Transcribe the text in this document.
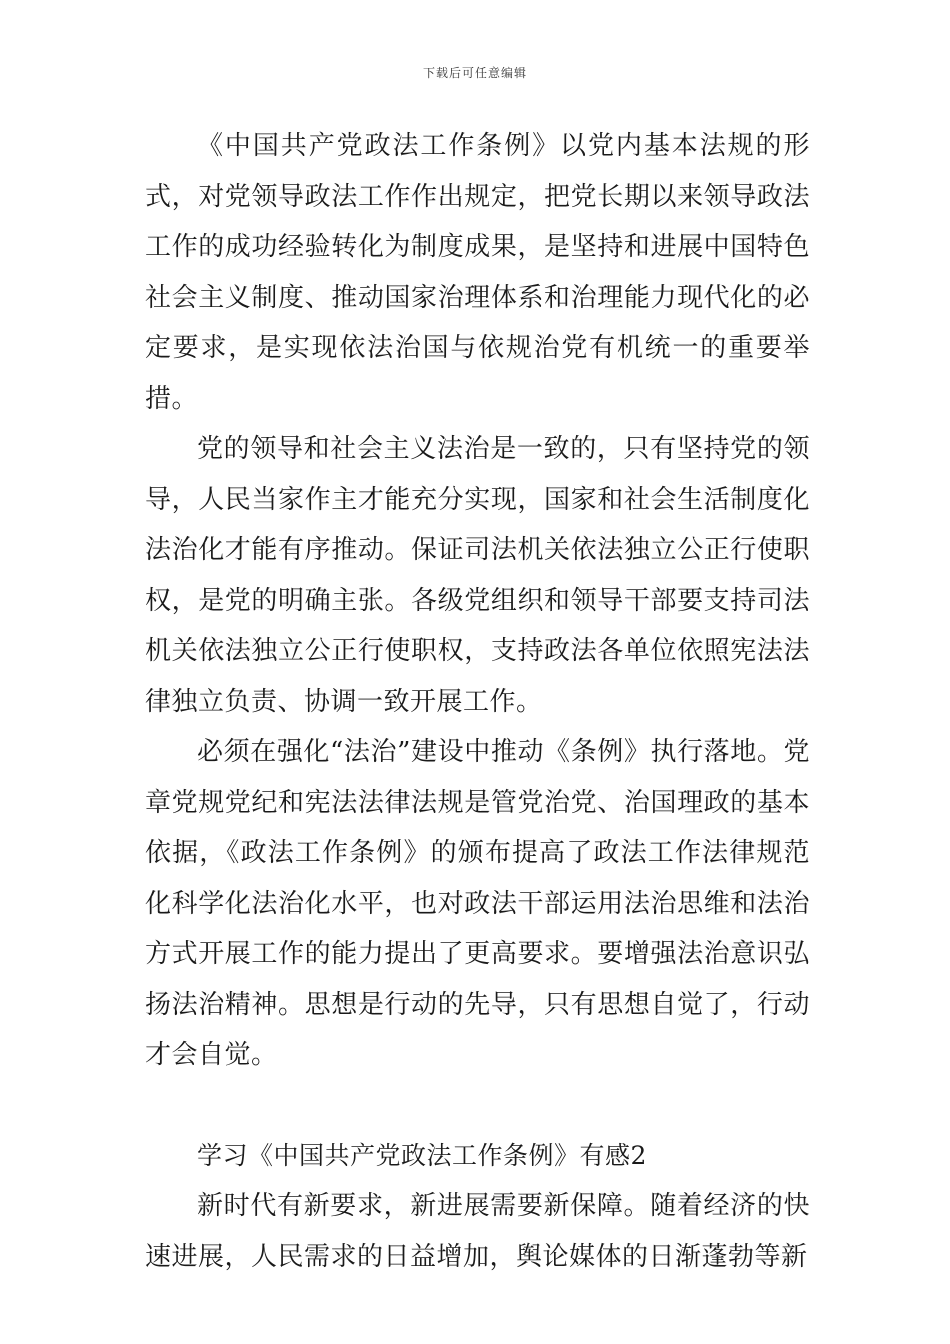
下载后可任意编辑

《中国共产党政法工作条例》以党内基本法规的形式，对党领导政法工作作出规定，把党长期以来领导政法工作的成功经验转化为制度成果，是坚持和进展中国特色社会主义制度、推动国家治理体系和治理能力现代化的必定要求，是实现依法治国与依规治党有机统一的重要举措。

党的领导和社会主义法治是一致的，只有坚持党的领导，人民当家作主才能充分实现，国家和社会生活制度化法治化才能有序推动。保证司法机关依法独立公正行使职权，是党的明确主张。各级党组织和领导干部要支持司法机关依法独立公正行使职权，支持政法各单位依照宪法法律独立负责、协调一致开展工作。

必须在强化“法治”建设中推动《条例》执行落地。党章党规党纪和宪法法律法规是管党治党、治国理政的基本依据，《政法工作条例》的颁布提高了政法工作法律规范化科学化法治化水平，也对政法干部运用法治思维和法治方式开展工作的能力提出了更高要求。要增强法治意识弘扬法治精神。思想是行动的先导，只有思想自觉了，行动才会自觉。

学习《中国共产党政法工作条例》有感2

新时代有新要求，新进展需要新保障。随着经济的快速进展，人民需求的日益增加，舆论媒体的日渐蓬勃等新
